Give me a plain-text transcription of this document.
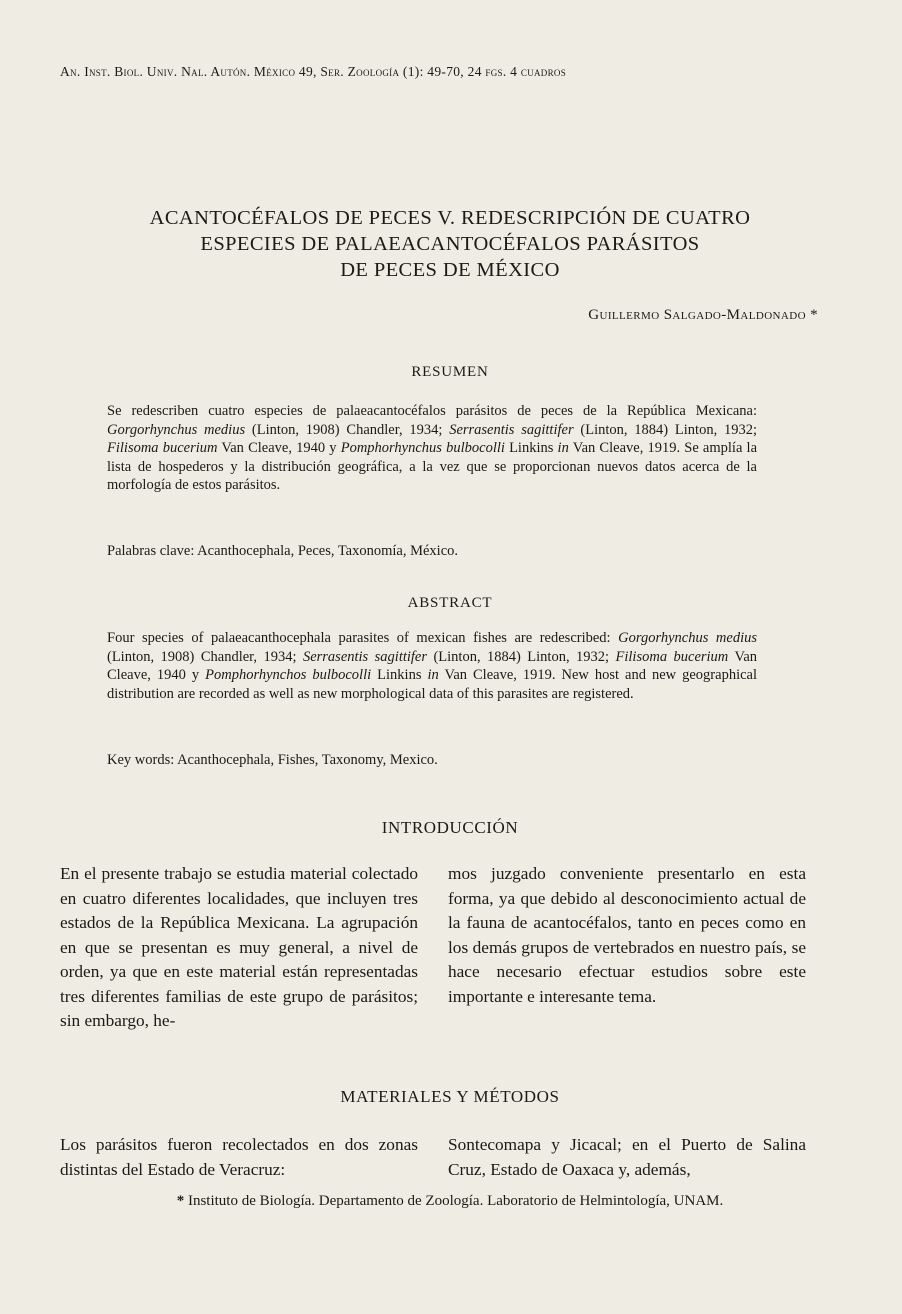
An. Inst. Biol. Univ. Nal. Autón. México 49, Ser. Zoología (1): 49-70, 24 fgs. 4 cuadros
ACANTOCÉFALOS DE PECES V. REDESCRIPCIÓN DE CUATRO
ESPECIES DE PALAEACANTOCÉFALOS PARÁSITOS
DE PECES DE MÉXICO
Guillermo Salgado-Maldonado *
RESUMEN

Se redescriben cuatro especies de palaeacantocéfalos parásitos de peces de la República Mexicana: Gorgorhynchus medius (Linton, 1908) Chandler, 1934; Serrasentis sagittifer (Linton, 1884) Linton, 1932; Filisoma bucerium Van Cleave, 1940 y Pomphorhynchus bulbocolli Linkins in Van Cleave, 1919. Se amplía la lista de hospederos y la distribución geográfica, a la vez que se proporcionan nuevos datos acerca de la morfología de estos parásitos.

Palabras clave: Acanthocephala, Peces, Taxonomía, México.
ABSTRACT

Four species of palaeacanthocephala parasites of mexican fishes are redescribed: Gorgorhynchus medius (Linton, 1908) Chandler, 1934; Serrasentis sagittifer (Linton, 1884) Linton, 1932; Filisoma bucerium Van Cleave, 1940 y Pomphorhynchos bulbocolli Linkins in Van Cleave, 1919. New host and new geographical distribution are recorded as well as new morphological data of this parasites are registered.

Key words: Acanthocephala, Fishes, Taxonomy, Mexico.
INTRODUCCIÓN

En el presente trabajo se estudia material colectado en cuatro diferentes localidades, que incluyen tres estados de la República Mexicana. La agrupación en que se presentan es muy general, a nivel de orden, ya que en este material están representadas tres diferentes familias de este grupo de parásitos; sin embargo, he-

mos juzgado conveniente presentarlo en esta forma, ya que debido al desconocimiento actual de la fauna de acantocéfalos, tanto en peces como en los demás grupos de vertebrados en nuestro país, se hace necesario efectuar estudios sobre este importante e interesante tema.

MATERIALES Y MÉTODOS

Los parásitos fueron recolectados en dos zonas distintas del Estado de Veracruz:

Sontecomapa y Jicacal; en el Puerto de Salina Cruz, Estado de Oaxaca y, además,

* Instituto de Biología. Departamento de Zoología. Laboratorio de Helmintología, UNAM.
